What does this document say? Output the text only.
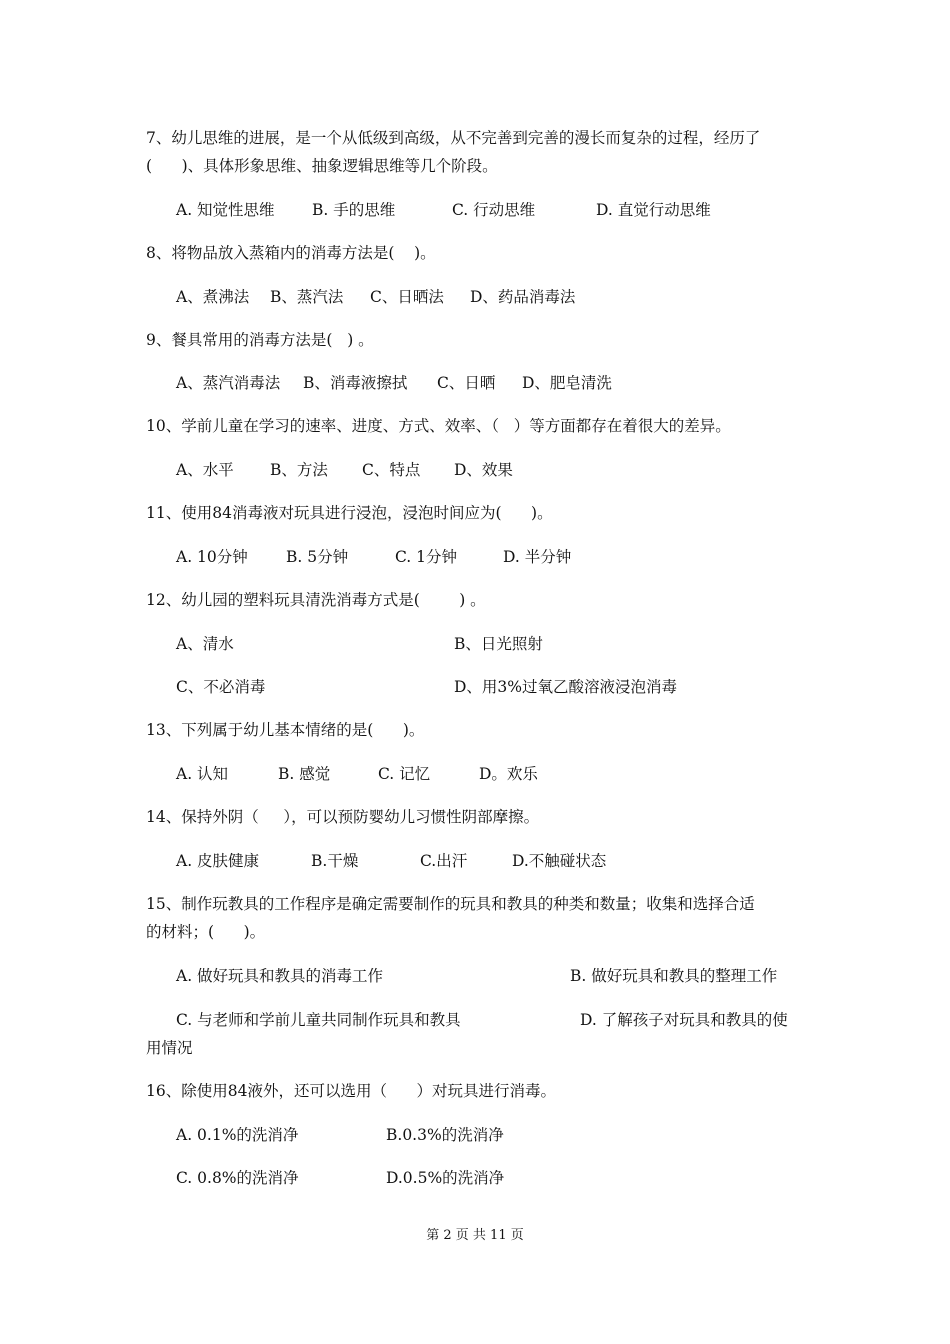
7、幼儿思维的进展，是一个从低级到高级，从不完善到完善的漫长而复杂的过程，经历了
(      )、具体形象思维、抽象逻辑思维等几个阶段。
A. 知觉性思维 B. 手的思维	C. 行动思维	D. 直觉行动思维
8、将物品放入蒸箱内的消毒方法是(    )。
A、煮沸法 B、蒸汽法 C、日晒法 D、药品消毒法
9、餐具常用的消毒方法是(   ) 。
A、蒸汽消毒法 B、消毒液擦拭 C、日晒 D、肥皂清洗
10、学前儿童在学习的速率、进度、方式、效率、（   ）等方面都存在着很大的差异。
A、水平 B、方法 C、特点 D、效果
11、使用84消毒液对玩具进行浸泡，浸泡时间应为(      )。
A. 10分钟 B. 5分钟	C. 1分钟	D. 半分钟
12、幼儿园的塑料玩具清洗消毒方式是(        ) 。
A、清水	B、日光照射
C、不必消毒	D、用3%过氧乙酸溶液浸泡消毒
13、下列属于幼儿基本情绪的是(      )。
A. 认知	B. 感觉	C. 记忆	D。欢乐
14、保持外阴（     ），可以预防婴幼儿习惯性阴部摩擦。
A. 皮肤健康	B.干燥	C.出汗	D.不触碰状态
15、制作玩教具的工作程序是确定需要制作的玩具和教具的种类和数量；收集和选择合适
的材料；(      )。
A. 做好玩具和教具的消毒工作	B. 做好玩具和教具的整理工作
C. 与老师和学前儿童共同制作玩具和教具	D. 了解孩子对玩具和教具的使
用情况
16、除使用84液外，还可以选用（      ）对玩具进行消毒。
A. 0.1%的洗消净	B.0.3%的洗消净
C. 0.8%的洗消净	D.0.5%的洗消净
第 2 页 共 11 页
